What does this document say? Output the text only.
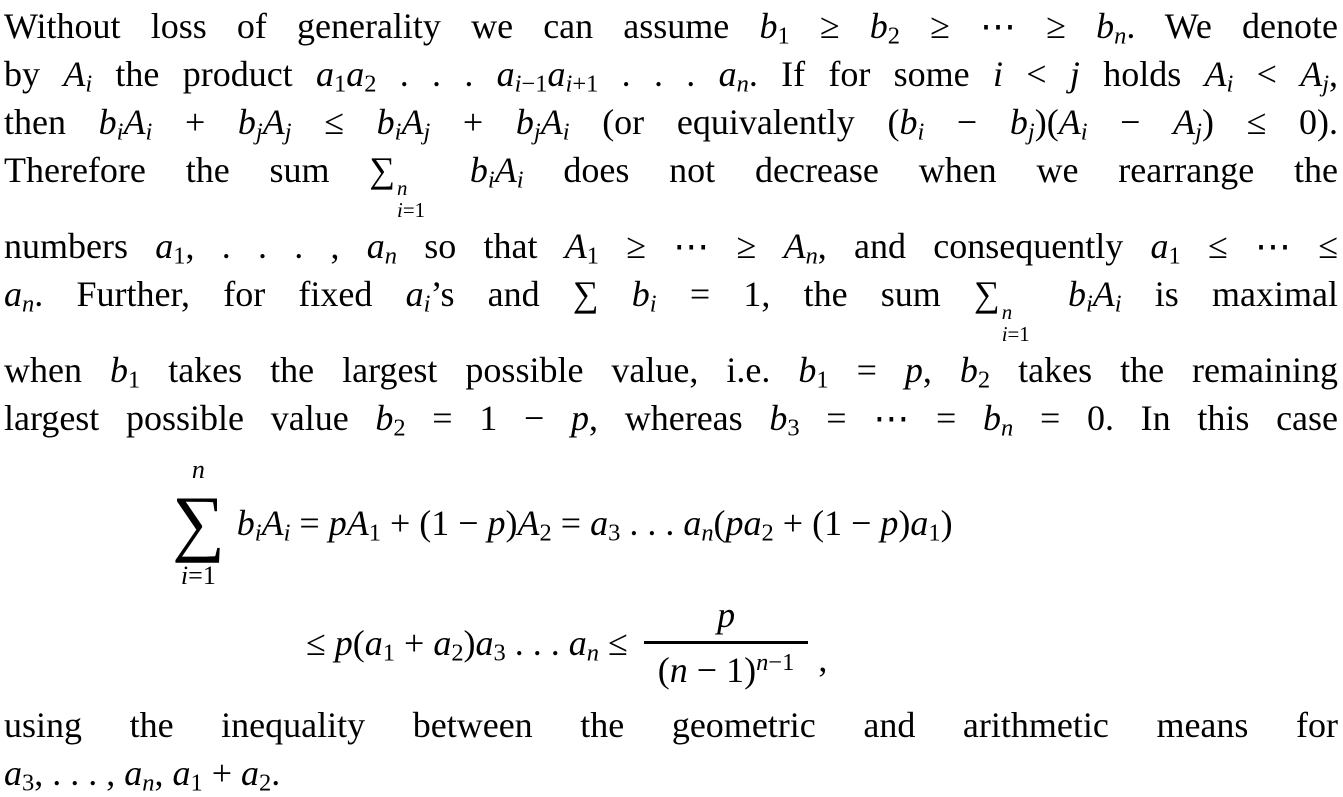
Without loss of generality we can assume $b_1 \ge b_2$ ≥ ⋯ ≥ $b_n$. We denote
by $A_i$ the product $a_1a_2$ . . . $a_{i-1}a_{i+1}$ . . . $a_n$. If for some i < j holds $A_i < A_j$,
then $b_iA_i + b_jA_j \le b_iA_j + b_jA_i$ (or equivalently $(b_i - b_j)(A_i - A_j) \le 0$).
Therefore the sum ∑ n
i=1
$b_iA_i$ does not decrease when we rearrange the
numbers $a_1$, . . . , $a_n$ so that $A_1$ ≥ ⋯ ≥ $A_n$, and consequently $a_1$ ≤ ⋯ ≤
$a_n$. Further, for fixed $a_i’s$ and ∑ $b_i = 1$, the sum ∑ n
i=1
$b_iA_i$ is maximal
when $b_1$ takes the largest possible value, i.e. $b_1 = p$, $b_2$ takes the remaining
largest possible value $b_2 = 1 - p$, whereas $b_3$ = ⋯ = $b_n = 0$. In this case
n
∑
i=1
$b_iA_i = pA_1 + (1 - p)A_2 = a_3$ . . . $a_n(pa_2 + (1 - p)a_1)$
≤ $p(a_1 + a_2)a_3$ . . . $a_n \le \frac{p}{(n - 1)^{n-1}}$ ,
using the inequality between the geometric and arithmetic means for
$a_3$, . . . , $a_n$, $a_1 + a_2$.
